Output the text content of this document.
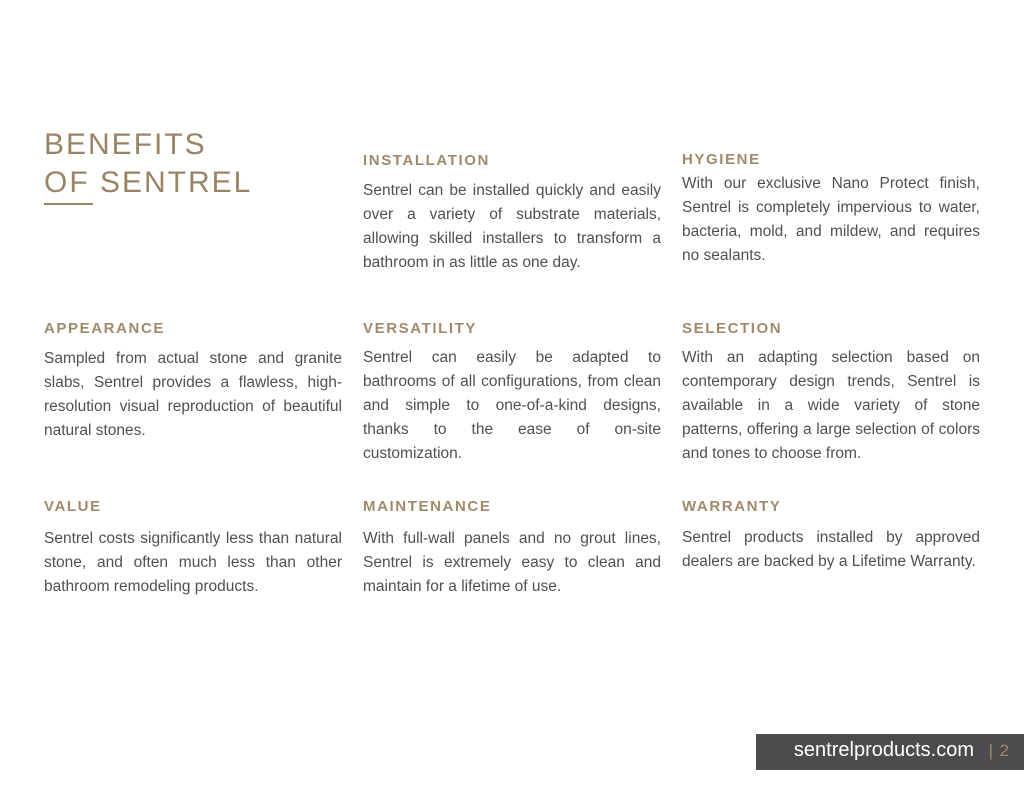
BENEFITS
OF SENTREL
INSTALLATION

Sentrel can be installed quickly and easily over a variety of substrate materials, allowing skilled installers to transform a bathroom in as little as one day.

HYGIENE

With our exclusive Nano Protect finish, Sentrel is completely impervious to water, bacteria, mold, and mildew, and requires no sealants.

APPEARANCE

Sampled from actual stone and granite slabs, Sentrel provides a flawless, high-resolution visual reproduction of beautiful natural stones.

VERSATILITY

Sentrel can easily be adapted to bathrooms of all configurations, from clean and simple to one-of-a-kind designs, thanks to the ease of on-site customization.

SELECTION

With an adapting selection based on contemporary design trends, Sentrel is available in a wide variety of stone patterns, offering a large selection of colors and tones to choose from.

VALUE

Sentrel costs significantly less than natural stone, and often much less than other bathroom remodeling products.

MAINTENANCE

With full-wall panels and no grout lines, Sentrel is extremely easy to clean and maintain for a lifetime of use.

WARRANTY

Sentrel products installed by approved dealers are backed by a Lifetime Warranty.

sentrelproducts.com | 2
